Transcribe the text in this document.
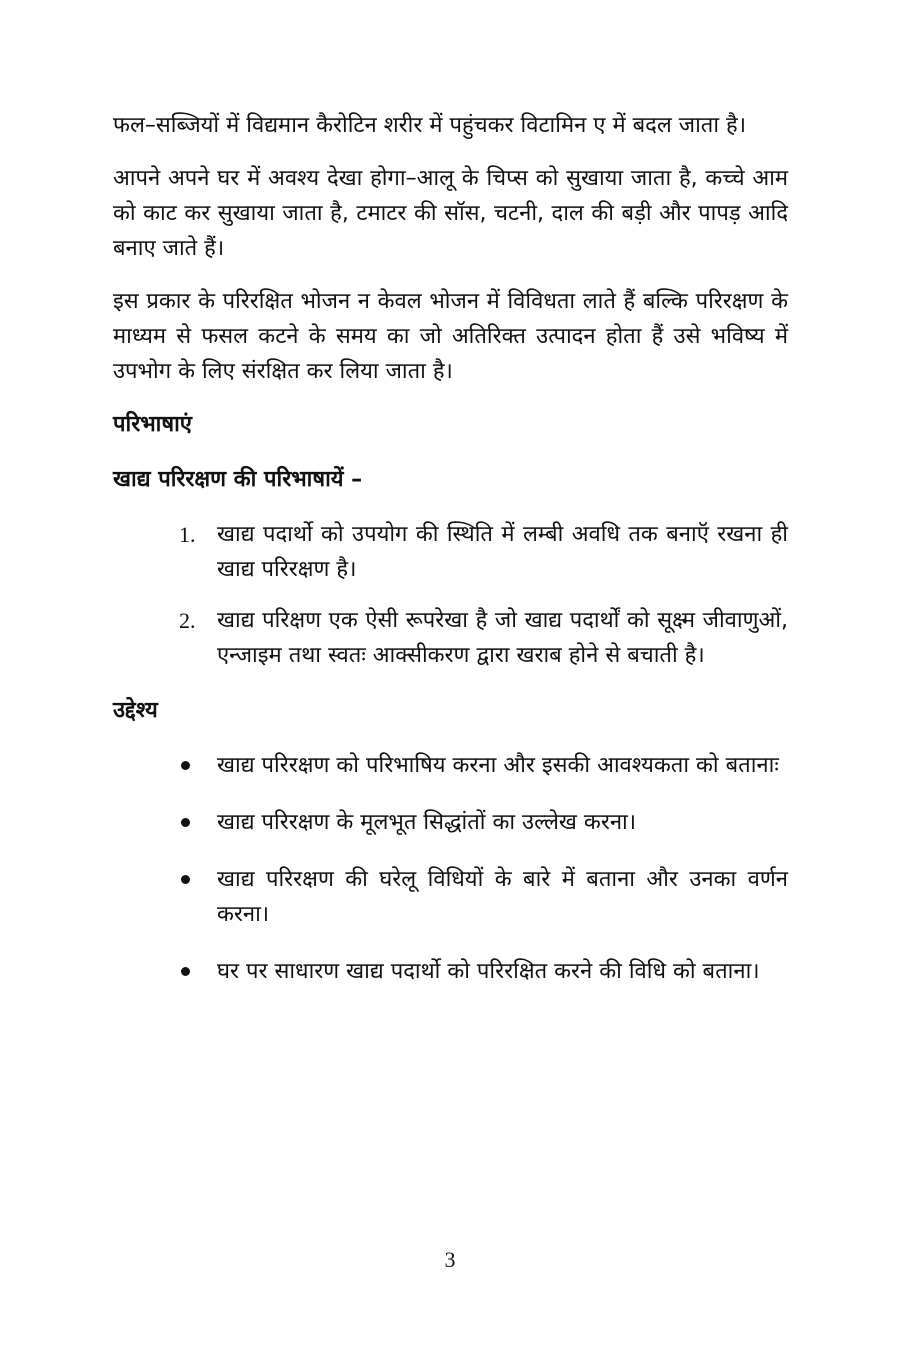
फल–सब्जियों में विद्यमान कैरोटिन शरीर में पहुंचकर विटामिन ए में बदल जाता है।

आपने अपने घर में अवश्य देखा होगा–आलू के चिप्स को सुखाया जाता है, कच्चे आम को काट कर सुखाया जाता है, टमाटर की सॉस, चटनी, दाल की बड़ी और पापड़ आदि बनाए जाते हैं।

इस प्रकार के परिरक्षित भोजन न केवल भोजन में विविधता लाते हैं बल्कि परिरक्षण के माध्यम से फसल कटने के समय का जो अतिरिक्त उत्पादन होता हैं उसे भविष्य में उपभोग के लिए संरक्षित कर लिया जाता है।

परिभाषाएं
खाद्य परिरक्षण की परिभाषायें –
1. खाद्य पदार्थो को उपयोग की स्थिति में लम्बी अवधि तक बनाऍ रखना ही खाद्य परिरक्षण है।
2. खाद्य परिक्षण एक ऐसी रूपरेखा है जो खाद्य पदार्थों को सूक्ष्म जीवाणुओं, एन्जाइम तथा स्वतः आक्सीकरण द्वारा खराब होने से बचाती है।
उद्देश्य
खाद्य परिरक्षण को परिभाषिय करना और इसकी आवश्यकता को बतानाः
खाद्य परिरक्षण के मूलभूत सिद्धांतों का उल्लेख करना।
खाद्य परिरक्षण की घरेलू विधियों के बारे में बताना और उनका वर्णन करना।
घर पर साधारण खाद्य पदार्थो को परिरक्षित करने की विधि को बताना।
3
